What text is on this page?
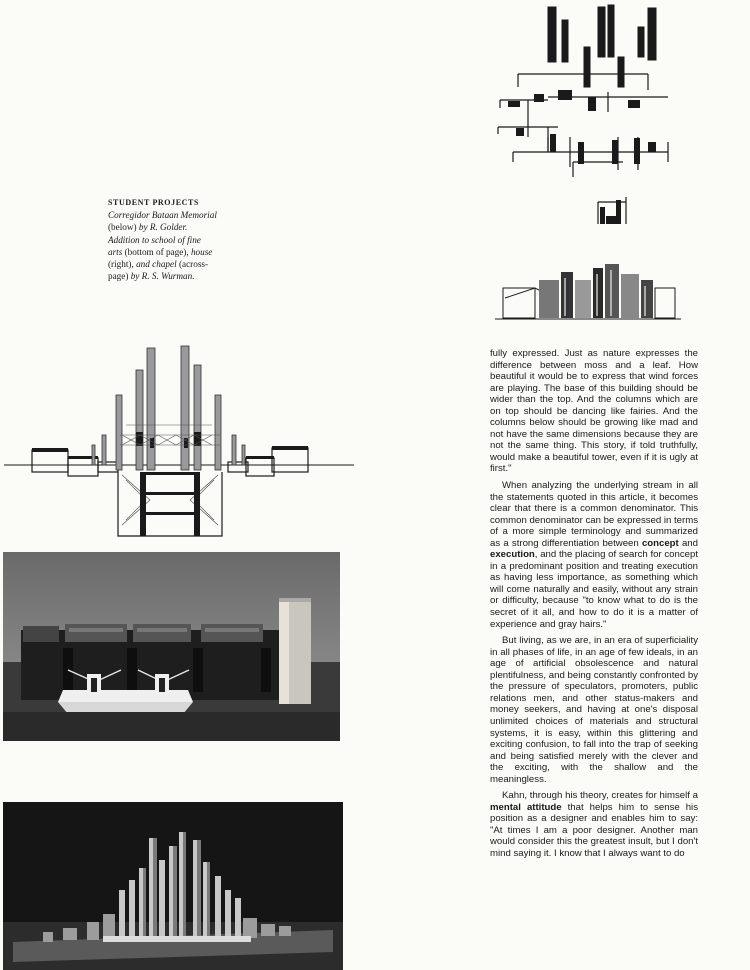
STUDENT PROJECTS
Corregidor Bataan Memorial
(below) by R. Golder.
Addition to school of fine
arts (bottom of page), house
(right), and chapel (across-
page) by R. S. Wurman.

fully expressed. Just as nature expresses the difference between moss and a leaf. How beautiful it would be to express that wind forces are playing. The base of this building should be wider than the top. And the columns which are on top should be dancing like fairies. And the columns below should be growing like mad and not have the same dimensions because they are not the same thing. This story, if told truthfully, would make a beautiful tower, even if it is ugly at first."

When analyzing the underlying stream in all the statements quoted in this article, it becomes clear that there is a common denominator. This common denominator can be expressed in terms of a more simple terminology and summarized as a strong differentiation between concept and execution, and the placing of search for concept in a predominant position and treating execution as having less importance, as something which will come naturally and easily, without any strain or difficulty, because "to know what to do is the secret of it all, and how to do it is a matter of experience and gray hairs."

But living, as we are, in an era of superficiality in all phases of life, in an age of few ideals, in an age of artificial obsolescence and natural plentifulness, and being constantly confronted by the pressure of speculators, promoters, public relations men, and other status-makers and money seekers, and having at one's disposal unlimited choices of materials and structural systems, it is easy, within this glittering and exciting confusion, to fall into the trap of seeking and being satisfied merely with the clever and the exciting, with the shallow and the meaningless.

Kahn, through his theory, creates for himself a mental attitude that helps him to sense his position as a designer and enables him to say: "At times I am a poor designer. Another man would consider this the greatest insult, but I don't mind saying it. I know that I always want to do
